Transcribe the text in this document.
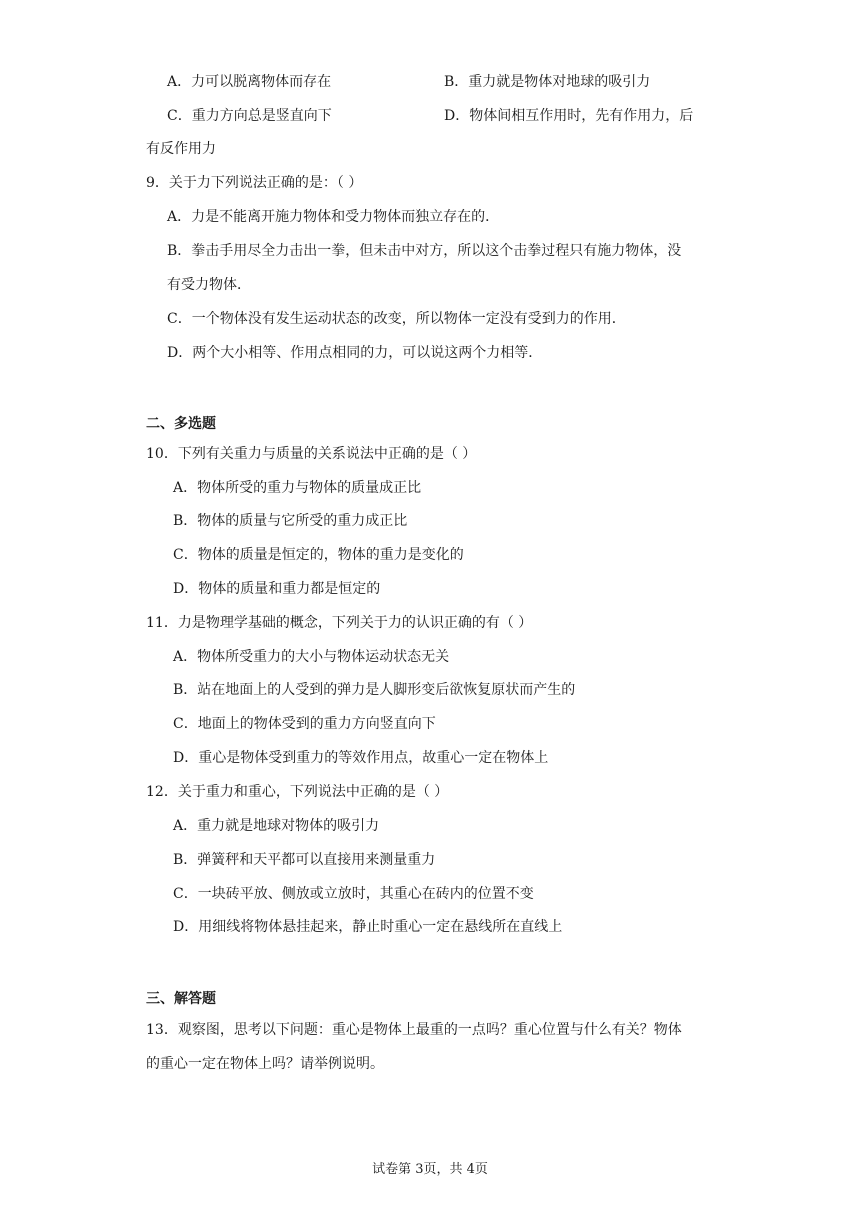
A．力可以脱离物体而存在	B．重力就是物体对地球的吸引力
C．重力方向总是竖直向下	D．物体间相互作用时，先有作用力，后
有反作用力
9．关于力下列说法正确的是：（ ）
A．力是不能离开施力物体和受力物体而独立存在的．
B．拳击手用尽全力击出一拳，但未击中对方，所以这个击拳过程只有施力物体，没
有受力物体．
C．一个物体没有发生运动状态的改变，所以物体一定没有受到力的作用．
D．两个大小相等、作用点相同的力，可以说这两个力相等．
二、多选题
10．下列有关重力与质量的关系说法中正确的是（ ）
A．物体所受的重力与物体的质量成正比
B．物体的质量与它所受的重力成正比
C．物体的质量是恒定的，物体的重力是变化的
D．物体的质量和重力都是恒定的
11．力是物理学基础的概念，下列关于力的认识正确的有（ ）
A．物体所受重力的大小与物体运动状态无关
B．站在地面上的人受到的弹力是人脚形变后欲恢复原状而产生的
C．地面上的物体受到的重力方向竖直向下
D．重心是物体受到重力的等效作用点，故重心一定在物体上
12．关于重力和重心，下列说法中正确的是（ ）
A．重力就是地球对物体的吸引力
B．弹簧秤和天平都可以直接用来测量重力
C．一块砖平放、侧放或立放时，其重心在砖内的位置不变
D．用细线将物体悬挂起来，静止时重心一定在悬线所在直线上
三、解答题
13．观察图，思考以下问题：重心是物体上最重的一点吗？重心位置与什么有关？物体
的重心一定在物体上吗？请举例说明。
试卷第 3页，共 4页
